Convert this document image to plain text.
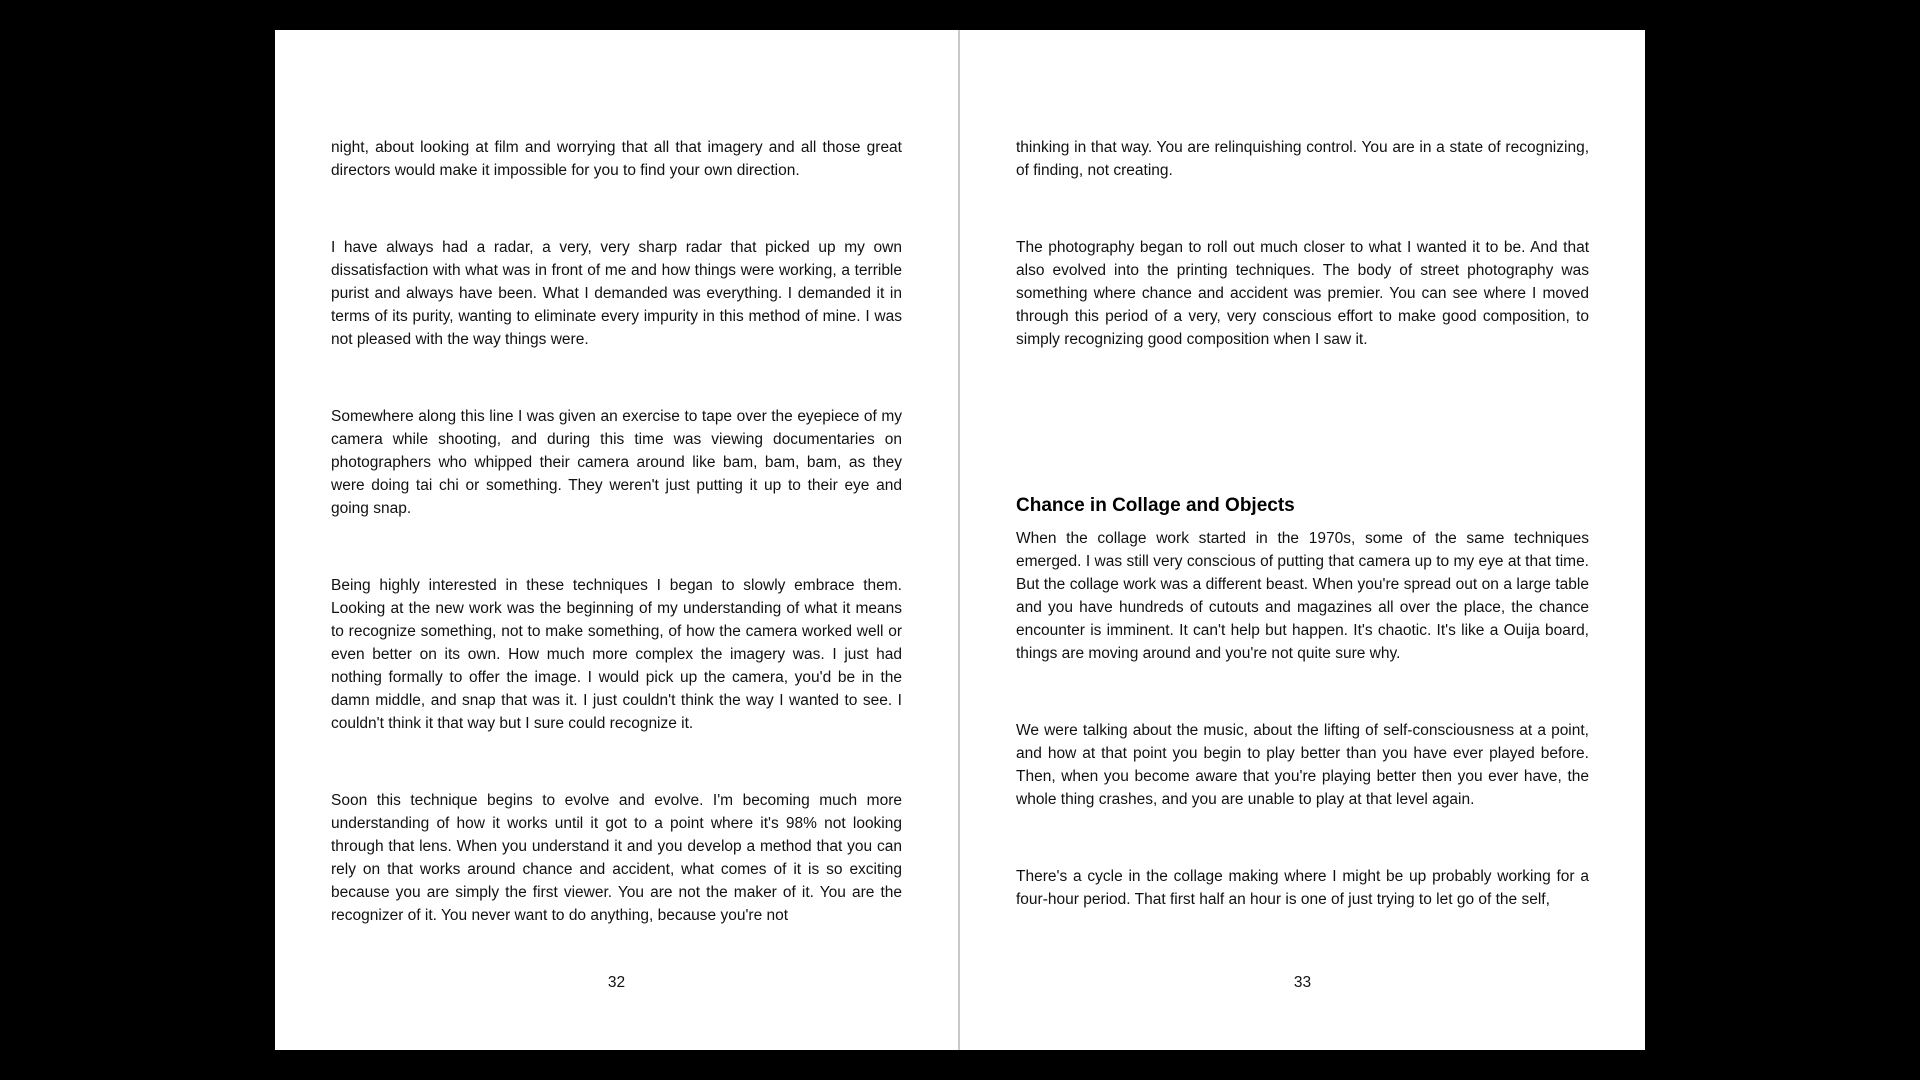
night, about looking at film and worrying that all that imagery and all those great directors would make it impossible for you to find your own direction.

I have always had a radar, a very, very sharp radar that picked up my own dissatisfaction with what was in front of me and how things were working, a terrible purist and always have been. What I demanded was everything. I demanded it in terms of its purity, wanting to eliminate every impurity in this method of mine. I was not pleased with the way things were.

Somewhere along this line I was given an exercise to tape over the eyepiece of my camera while shooting, and during this time was viewing documentaries on photographers who whipped their camera around like bam, bam, bam, as they were doing tai chi or something. They weren't just putting it up to their eye and going snap.

Being highly interested in these techniques I began to slowly embrace them. Looking at the new work was the beginning of my understanding of what it means to recognize something, not to make something, of how the camera worked well or even better on its own. How much more complex the imagery was. I just had nothing formally to offer the image. I would pick up the camera, you'd be in the damn middle, and snap that was it. I just couldn't think the way I wanted to see. I couldn't think it that way but I sure could recognize it.

Soon this technique begins to evolve and evolve. I'm becoming much more understanding of how it works until it got to a point where it's 98% not looking through that lens. When you understand it and you develop a method that you can rely on that works around chance and accident, what comes of it is so exciting because you are simply the first viewer. You are not the maker of it. You are the recognizer of it. You never want to do anything, because you're not

32

thinking in that way. You are relinquishing control. You are in a state of recognizing, of finding, not creating.

The photography began to roll out much closer to what I wanted it to be. And that also evolved into the printing techniques. The body of street photography was something where chance and accident was premier. You can see where I moved through this period of a very, very conscious effort to make good composition, to simply recognizing good composition when I saw it.

Chance in Collage and Objects

When the collage work started in the 1970s, some of the same techniques emerged. I was still very conscious of putting that camera up to my eye at that time. But the collage work was a different beast. When you're spread out on a large table and you have hundreds of cutouts and magazines all over the place, the chance encounter is imminent. It can't help but happen. It's chaotic. It's like a Ouija board, things are moving around and you're not quite sure why.

We were talking about the music, about the lifting of self-consciousness at a point, and how at that point you begin to play better than you have ever played before. Then, when you become aware that you're playing better then you ever have, the whole thing crashes, and you are unable to play at that level again.

There's a cycle in the collage making where I might be up probably working for a four-hour period. That first half an hour is one of just trying to let go of the self,

33
